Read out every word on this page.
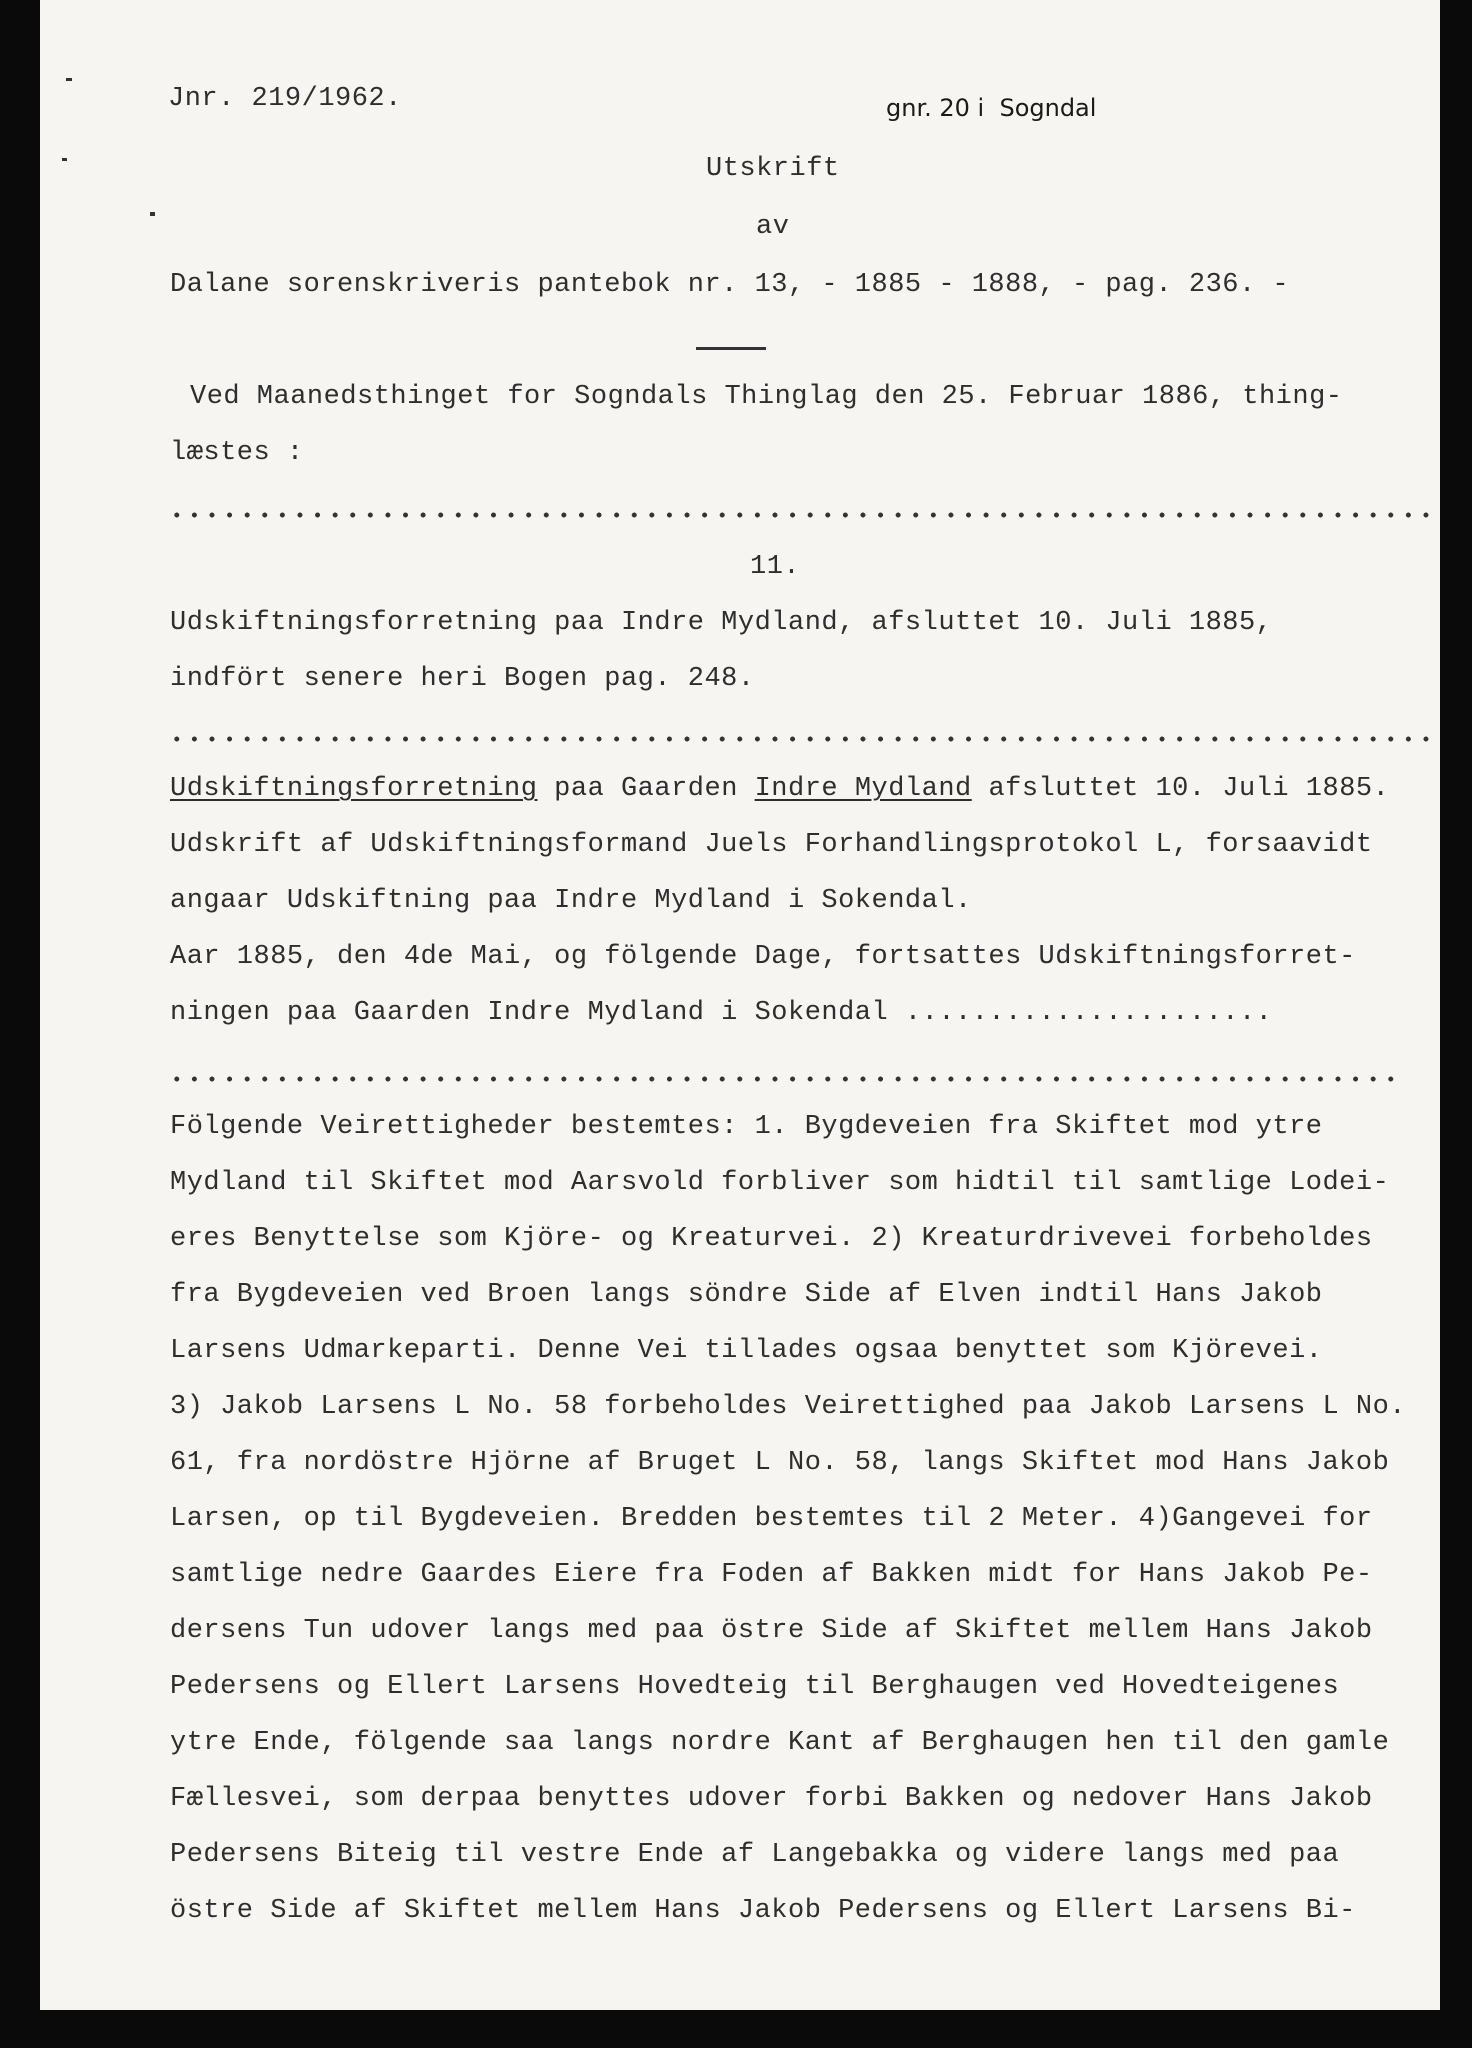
Jnr. 219/1962.	gnr. 20 i  Sogndal
Utskrift
av
Dalane sorenskriveris pantebok nr. 13, - 1885 - 1888, - pag. 236. -
Ved Maanedsthinget for Sogndals Thinglag den 25. Februar 1886, thing-
læstes :
11.
Udskiftningsforretning paa Indre Mydland, afsluttet 10. Juli 1885,
indfört senere heri Bogen pag. 248.
Udskiftningsforretning paa Gaarden Indre Mydland afsluttet 10. Juli 1885.
Udskrift af Udskiftningsformand Juels Forhandlingsprotokol L, forsaavidt
angaar Udskiftning paa Indre Mydland i Sokendal.
Aar 1885, den 4de Mai, og fölgende Dage, fortsattes Udskiftningsforret-
ningen paa Gaarden Indre Mydland i Sokendal ......................
Fölgende Veirettigheder bestemtes: 1. Bygdeveien fra Skiftet mod ytre
Mydland til Skiftet mod Aarsvold forbliver som hidtil til samtlige Lodei-
eres Benyttelse som Kjöre- og Kreaturvei. 2) Kreaturdrivevei forbeholdes
fra Bygdeveien ved Broen langs söndre Side af Elven indtil Hans Jakob
Larsens Udmarkeparti. Denne Vei tillades ogsaa benyttet som Kjörevei.
3) Jakob Larsens L No. 58 forbeholdes Veirettighed paa Jakob Larsens L No.
61, fra nordöstre Hjörne af Bruget L No. 58, langs Skiftet mod Hans Jakob
Larsen, op til Bygdeveien. Bredden bestemtes til 2 Meter. 4)Gangevei for
samtlige nedre Gaardes Eiere fra Foden af Bakken midt for Hans Jakob Pe-
dersens Tun udover langs med paa östre Side af Skiftet mellem Hans Jakob
Pedersens og Ellert Larsens Hovedteig til Berghaugen ved Hovedteigenes
ytre Ende, fölgende saa langs nordre Kant af Berghaugen hen til den gamle
Fællesvei, som derpaa benyttes udover forbi Bakken og nedover Hans Jakob
Pedersens Biteig til vestre Ende af Langebakka og videre langs med paa
östre Side af Skiftet mellem Hans Jakob Pedersens og Ellert Larsens Bi-
